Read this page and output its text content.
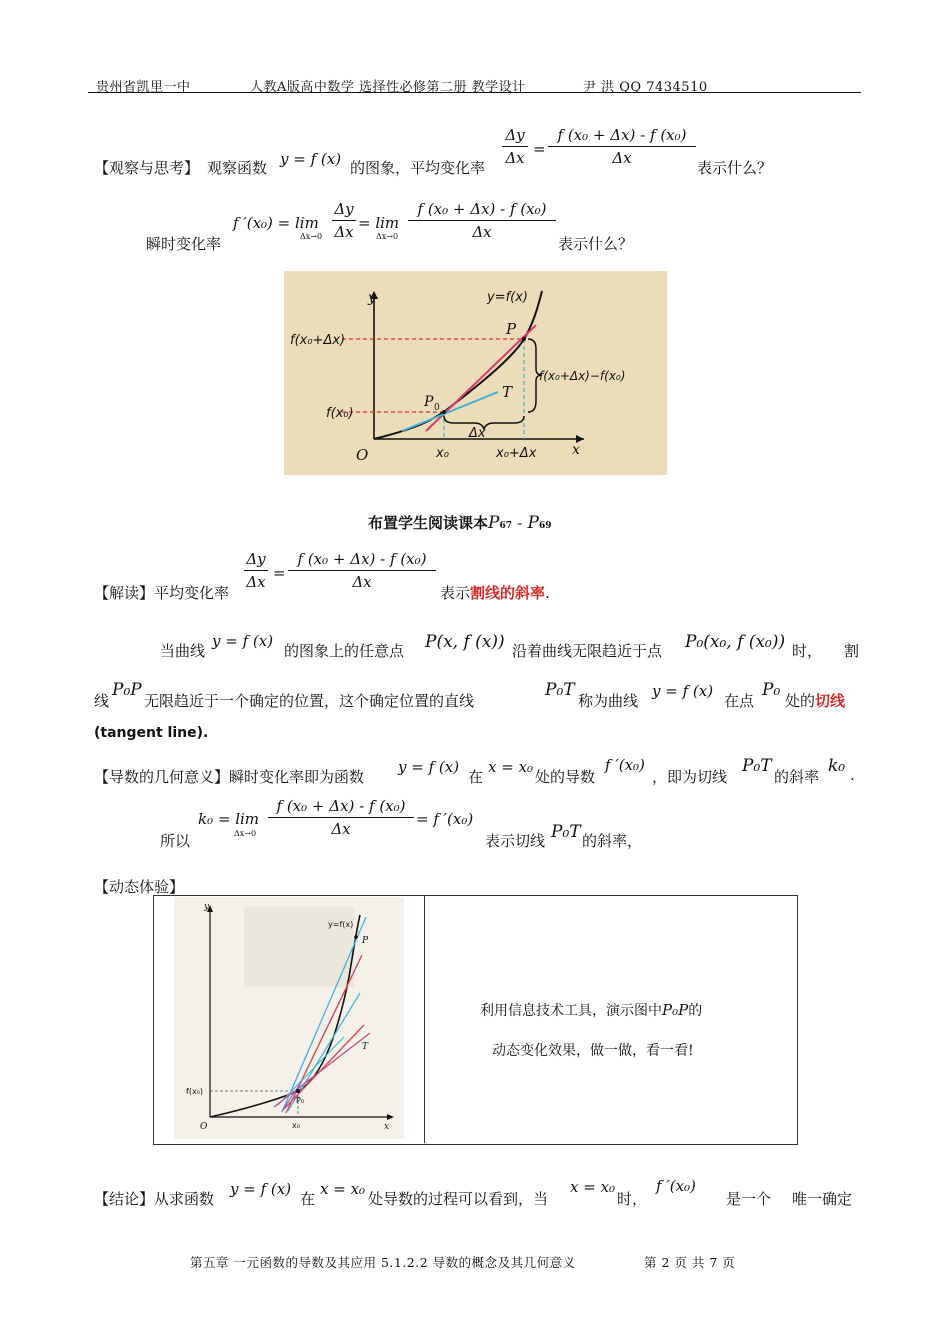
贵州省凯里一中	人教A版高中数学 选择性必修第二册 教学设计	尹 洪 QQ 7434510
【观察与思考】 观察函数 y = f (x) 的图象，平均变化率
Δy
Δx =
f (x₀ + Δx) - f (x₀)
Δx
表示什么？
瞬时变化率
f ′(x₀) = lim
Δx→0
Δy
Δx = lim
Δx→0
f (x₀ + Δx) - f (x₀)
Δx
表示什么？
y
x
O
y=f(x)
P
P 0
T
f(x₀+Δx)
f(x₀)
x₀	x₀+Δx
Δx
f(x₀+Δx)−f(x₀)
布置学生阅读课本P67 - P69
【解读】平均变化率
Δy
Δx =
f (x₀ + Δx) - f (x₀)
Δx
表示割线的斜率.
当曲线
y = f (x)
的图象上的任意点 P(x, f (x)) 沿着曲线无限趋近于点 P₀(x₀, f (x₀)) 时， 割
线
P₀P
无限趋近于一个确定的位置，这个确定位置的直线
P₀T
称为曲线
y = f (x)
在点
P₀
处的切线
(tangent line).
【导数的几何意义】瞬时变化率即为函数
y = f (x)
在
x = x₀
处的导数
f ′(x₀)
，即为切线
P₀T
的斜率
k₀ .
所以
k₀ = lim
Δx→0
f (x₀ + Δx) - f (x₀)
Δx
= f ′(x₀)
表示切线 P₀T 的斜率，
【动态体验】
y
x
O
y=f(x)
P
T
f(x₀)
x₀
P₀
利用信息技术工具，演示图中P₀P的
动态变化效果，做一做，看一看!
【结论】从求函数
y = f (x)
在
x = x₀
处导数的过程可以看到，当
x = x₀
时，
f ′(x₀)
是一个 唯一确定
第五章 一元函数的导数及其应用 5.1.2.2 导数的概念及其几何意义	第 2 页 共 7 页
